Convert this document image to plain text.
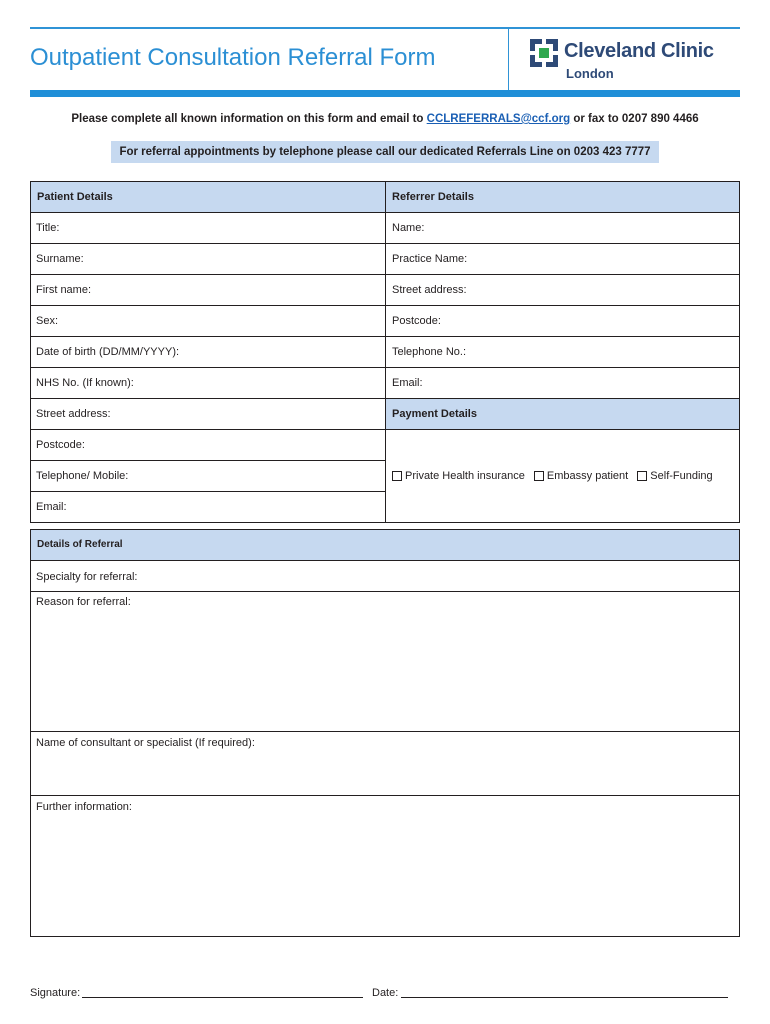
Outpatient Consultation Referral Form	Cleveland Clinic
London
Please complete all known information on this form and email to CCLREFERRALS@ccf.org or fax to 0207 890 4466
For referral appointments by telephone please call our dedicated Referrals Line on 0203 423 7777
Patient Details
Title:
Surname:
First name:
Sex:
Date of birth (DD/MM/YYYY):
NHS No. (If known):
Street address:
Postcode:
Telephone/ Mobile:
Email:
Referrer Details
Name:
Practice Name:
Street address:
Postcode:
Telephone No.:
Email:
Payment Details
Private Health insurance Embassy patient Self-Funding
Details of Referral
Specialty for referral:
Reason for referral:
Name of consultant or specialist (If required):
Further information:
Signature:	Date:
